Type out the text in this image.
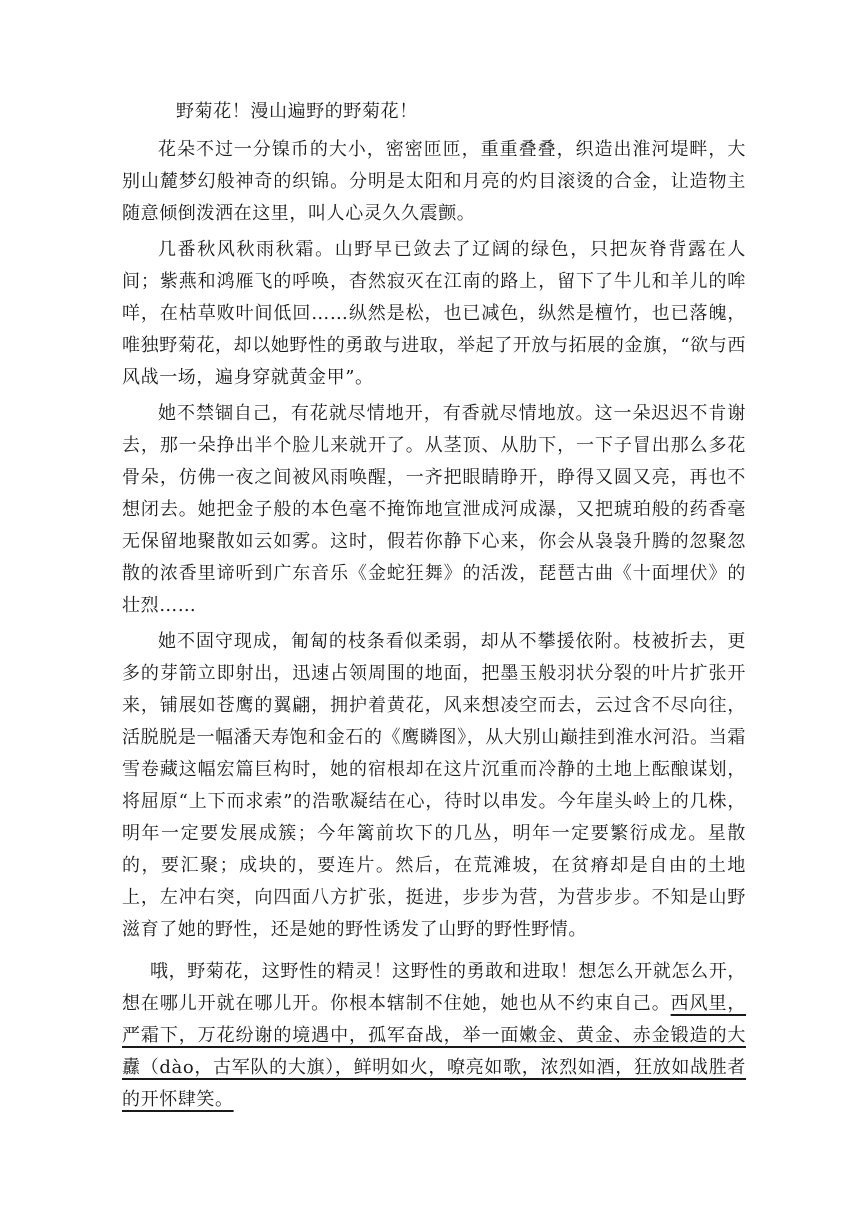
野菊花！漫山遍野的野菊花！

花朵不过一分镍币的大小，密密匝匝，重重叠叠，织造出淮河堤畔，大别山麓梦幻般神奇的织锦。分明是太阳和月亮的灼目滚烫的合金，让造物主随意倾倒泼洒在这里，叫人心灵久久震颤。

几番秋风秋雨秋霜。山野早已敛去了辽阔的绿色，只把灰脊背露在人间；紫燕和鸿雁飞的呼唤，杳然寂灭在江南的路上，留下了牛儿和羊儿的哞咩，在枯草败叶间低回……纵然是松，也已减色，纵然是檀竹，也已落魄，唯独野菊花，却以她野性的勇敢与进取，举起了开放与拓展的金旗，“欲与西风战一场，遍身穿就黄金甲”。

她不禁锢自己，有花就尽情地开，有香就尽情地放。这一朵迟迟不肯谢去，那一朵挣出半个脸儿来就开了。从茎顶、从肋下，一下子冒出那么多花骨朵，仿佛一夜之间被风雨唤醒，一齐把眼睛睁开，睁得又圆又亮，再也不想闭去。她把金子般的本色毫不掩饰地宣泄成河成瀑，又把琥珀般的药香毫无保留地聚散如云如雾。这时，假若你静下心来，你会从袅袅升腾的忽聚忽散的浓香里谛听到广东音乐《金蛇狂舞》的活泼，琵琶古曲《十面埋伏》的壮烈……

她不固守现成，匍匐的枝条看似柔弱，却从不攀援依附。枝被折去，更多的芽箭立即射出，迅速占领周围的地面，把墨玉般羽状分裂的叶片扩张开来，铺展如苍鹰的翼翩，拥护着黄花，风来想凌空而去，云过含不尽向往，活脱脱是一幅潘天寿饱和金石的《鹰瞵图》，从大别山巅挂到淮水河沿。当霜雪卷藏这幅宏篇巨构时，她的宿根却在这片沉重而冷静的土地上酝酿谋划，将屈原“上下而求索”的浩歌凝结在心，待时以串发。今年崖头岭上的几株，明年一定要发展成簇；今年篱前坎下的几丛，明年一定要繁衍成龙。星散的，要汇聚；成块的，要连片。然后，在荒滩坡，在贫瘠却是自由的土地上，左冲右突，向四面八方扩张，挺进，步步为营，为营步步。不知是山野滋育了她的野性，还是她的野性诱发了山野的野性野情。

哦，野菊花，这野性的精灵！这野性的勇敢和进取！想怎么开就怎么开，想在哪儿开就在哪儿开。你根本辖制不住她，她也从不约束自己。西风里，严霜下，万花纷谢的境遇中，孤军奋战，举一面嫩金、黄金、赤金锻造的大纛（dào，古军队的大旗），鲜明如火，嘹亮如歌，浓烈如酒，狂放如战胜者的开怀肆笑。
